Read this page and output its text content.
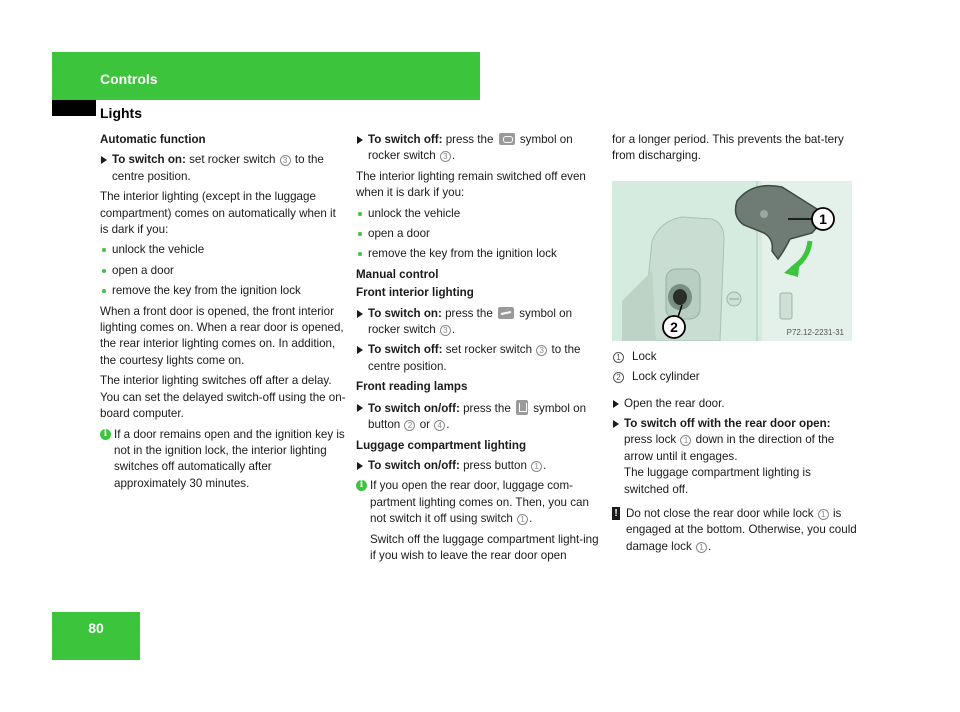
Controls
Lights
80
Automatic function
To switch on: set rocker switch 3 to the centre position.
The interior lighting (except in the luggage compartment) comes on automatically when it is dark if you:
unlock the vehicle
open a door
remove the key from the ignition lock
When a front door is opened, the front interior lighting comes on. When a rear door is opened, the rear interior lighting comes on. In addition, the courtesy lights come on.
The interior lighting switches off after a delay. You can set the delayed switch-off using the on-board computer.
i If a door remains open and the ignition key is not in the ignition lock, the interior lighting switches off automatically after approximately 30 minutes.
To switch off: press the  symbol on rocker switch 3 .
The interior lighting remain switched off even when it is dark if you:
unlock the vehicle
open a door
remove the key from the ignition lock
Manual control
Front interior lighting
To switch on: press the  symbol on rocker switch 3 .
To switch off: set rocker switch 3 to the centre position.
Front reading lamps
To switch on/off: press the  symbol on button 2 or 4 .
Luggage compartment lighting
To switch on/off: press button 1 .
i If you open the rear door, luggage com-partment lighting comes on. Then, you can not switch it off using switch 1 .
Switch off the luggage compartment light-ing if you wish to leave the rear door open
for a longer period. This prevents the bat-tery from discharging.
1
2	P72.12-2231-31
1 Lock
2 Lock cylinder
Open the rear door.
To switch off with the rear door open:
press lock 1 down in the direction of the arrow until it engages.
The luggage compartment lighting is switched off.
! Do not close the rear door while lock 1 is engaged at the bottom. Otherwise, you could damage lock 1 .
